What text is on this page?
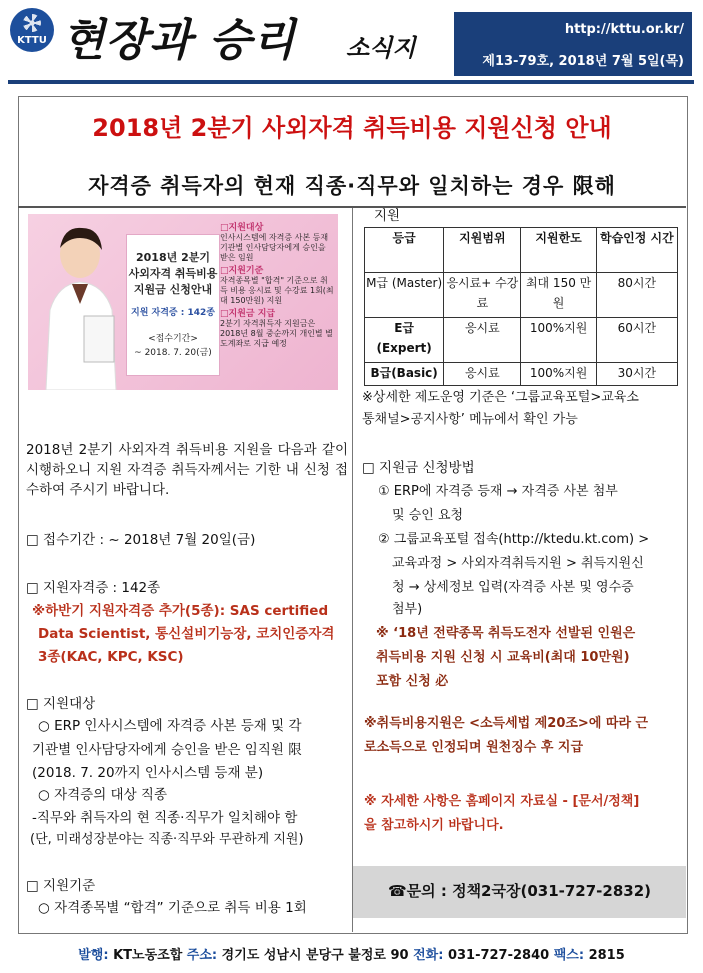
KTTU 현장과 승리 소식지
http://kttu.or.kr/
제13-79호, 2018년 7월 5일(목)
2018년 2분기 사외자격 취득비용 지원신청 안내
자격증 취득자의 현재 직종·직무와 일치하는 경우 限해
2018년 2분기
사외자격 취득비용
지원금 신청안내
지원 자격증 : 142종
<접수기간>
~ 2018. 7. 20(금)
□지원대상
인사시스템에 자격증 사본 등재 기관별 인사담당자에게 승인을 받은 임원
□지원기준
자격종목별 "합격" 기준으로 취득 비용 응시료 및 수강료 1회(최대 150만원) 지원
□지원금 지급
2분기 자격취득자 지원금은 2018년 8월 중순까지 개인별 별도계좌로 지급 예정
2018년 2분기 사외자격 취득비용 지원을 다음과 같이 시행하오니 지원 자격증 취득자께서는 기한 내 신청 접수하여 주시기 바랍니다.
□ 접수기간 : ~ 2018년 7월 20일(금)
□ 지원자격증 : 142종
※하반기 지원자격증 추가(5종): SAS certified
Data Scientist, 통신설비기능장, 코치인증자격
3종(KAC, KPC, KSC)
□ 지원대상
○ ERP 인사시스템에 자격증 사본 등재 및 각
기관별 인사담당자에게 승인을 받은 임직원 限
(2018. 7. 20까지 인사시스템 등재 분)
○ 자격증의 대상 직종
-직무와 취득자의 현 직종·직무가 일치해야 함
(단, 미래성장분야는 직종·직무와 무관하게 지원)
□ 지원기준
○ 자격종목별 “합격” 기준으로 취득 비용 1회
지원
등급	지원범위	지원한도	학습인정 시간
M급 (Master)	응시료+ 수강료	최대 150 만원	80시간
E급 (Expert)	응시료	100%지원	60시간
B급(Basic)	응시료	100%지원	30시간
※상세한 제도운영 기준은 ‘그룹교육포털>교육소
통채널>공지사항’ 메뉴에서 확인 가능
□ 지원금 신청방법
① ERP에 자격증 등재 → 자격증 사본 첨부
및 승인 요청
② 그룹교육포털 접속(http://ktedu.kt.com) >
교육과정 > 사외자격취득지원 > 취득지원신
청 → 상세정보 입력(자격증 사본 및 영수증
첨부)
※ ‘18년 전략종목 취득도전자 선발된 인원은
취득비용 지원 신청 시 교육비(최대 10만원)
포함 신청 必
※취득비용지원은 <소득세법 제20조>에 따라 근
로소득으로 인정되며 원천징수 후 지급
※ 자세한 사항은 홈페이지 자료실 - [문서/정책]
을 참고하시기 바랍니다.
☎문의 : 정책2국장(031-727-2832)
발행: KT노동조합 주소: 경기도 성남시 분당구 불정로 90 전화: 031-727-2840 팩스: 2815
